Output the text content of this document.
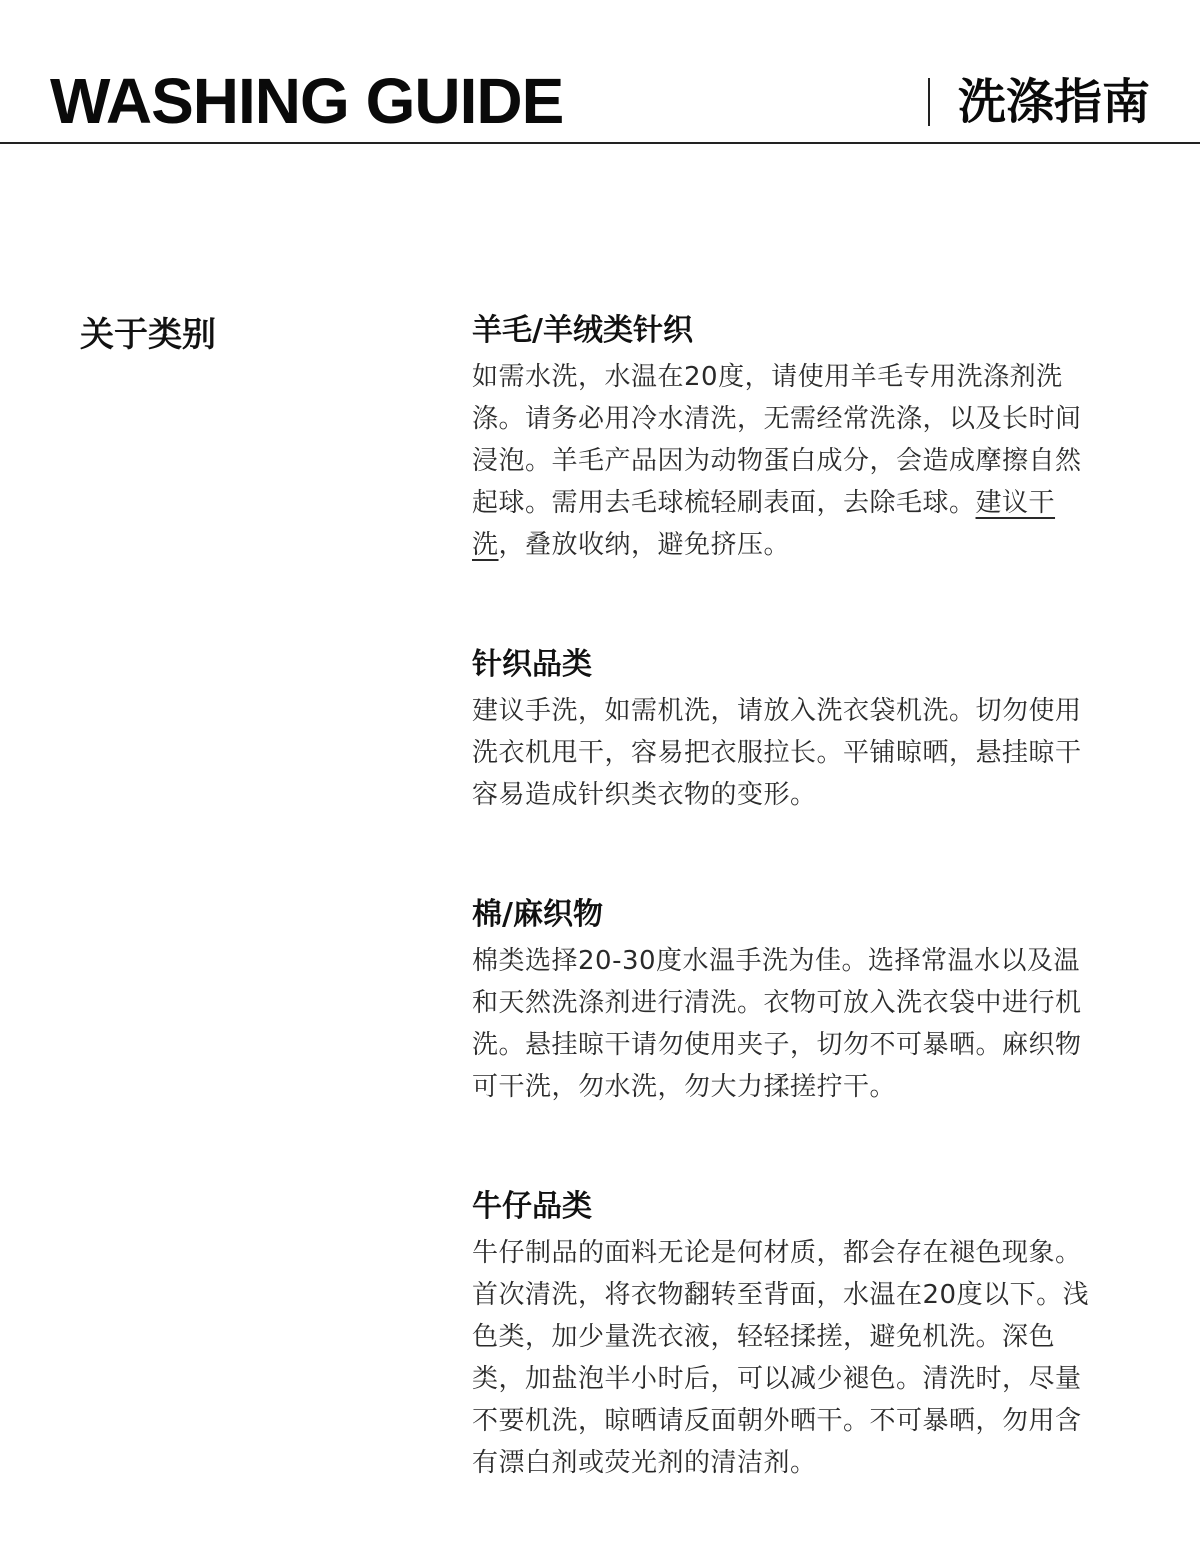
WASHING GUIDE	洗涤指南
关于类别	羊毛/羊绒类针织

如需水洗，水温在20度，请使用羊毛专用洗涤剂洗涤。请务必用冷水清洗，无需经常洗涤，以及长时间浸泡。羊毛产品因为动物蛋白成分，会造成摩擦自然起球。需用去毛球梳轻刷表面，去除毛球。建议干洗，叠放收纳，避免挤压。

针织品类

建议手洗，如需机洗，请放入洗衣袋机洗。切勿使用洗衣机甩干，容易把衣服拉长。平铺晾晒，悬挂晾干容易造成针织类衣物的变形。

棉/麻织物

棉类选择20-30度水温手洗为佳。选择常温水以及温和天然洗涤剂进行清洗。衣物可放入洗衣袋中进行机洗。悬挂晾干请勿使用夹子，切勿不可暴晒。麻织物可干洗，勿水洗，勿大力揉搓拧干。

牛仔品类

牛仔制品的面料无论是何材质，都会存在褪色现象。首次清洗，将衣物翻转至背面，水温在20度以下。浅色类，加少量洗衣液，轻轻揉搓，避免机洗。深色类，加盐泡半小时后，可以减少褪色。清洗时，尽量不要机洗，晾晒请反面朝外晒干。不可暴晒，勿用含有漂白剂或荧光剂的清洁剂。
